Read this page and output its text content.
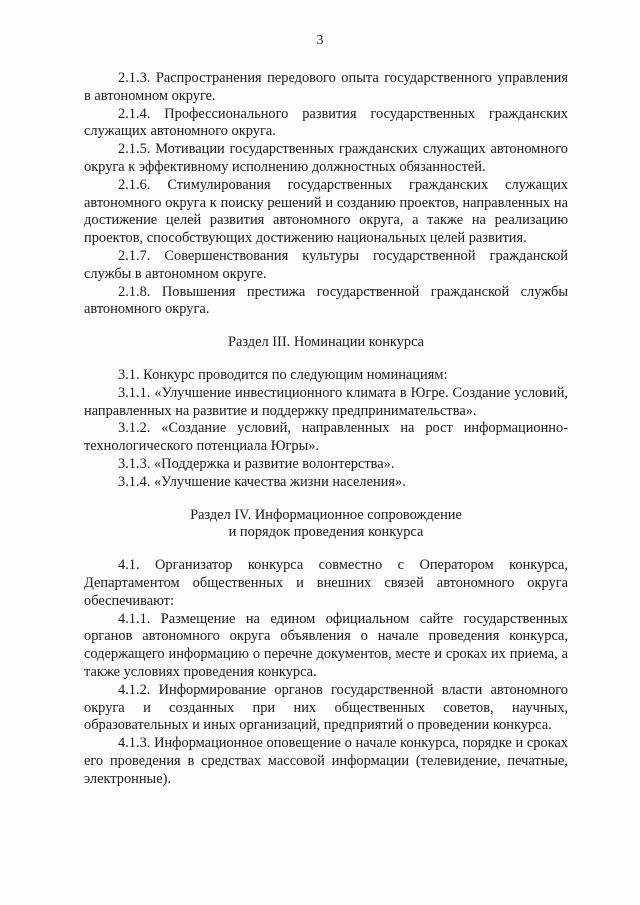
3

2.1.3. Распространения передового опыта государственного управления в автономном округе.

2.1.4. Профессионального развития государственных гражданских служащих автономного округа.

2.1.5. Мотивации государственных гражданских служащих автономного округа к эффективному исполнению должностных обязанностей.

2.1.6. Стимулирования государственных гражданских служащих автономного округа к поиску решений и созданию проектов, направленных на достижение целей развития автономного округа, а также на реализацию проектов, способствующих достижению национальных целей развития.

2.1.7. Совершенствования культуры государственной гражданской службы в автономном округе.

2.1.8. Повышения престижа государственной гражданской службы автономного округа.

Раздел III. Номинации конкурса

3.1. Конкурс проводится по следующим номинациям:

3.1.1. «Улучшение инвестиционного климата в Югре. Создание условий, направленных на развитие и поддержку предпринимательства».

3.1.2. «Создание условий, направленных на рост информационно-технологического потенциала Югры».

3.1.3. «Поддержка и развитие волонтерства».

3.1.4. «Улучшение качества жизни населения».

Раздел IV. Информационное сопровождение

и порядок проведения конкурса

4.1. Организатор конкурса совместно с Оператором конкурса, Департаментом общественных и внешних связей автономного округа обеспечивают:

4.1.1. Размещение на едином официальном сайте государственных органов автономного округа объявления о начале проведения конкурса, содержащего информацию о перечне документов, месте и сроках их приема, а также условиях проведения конкурса.

4.1.2. Информирование органов государственной власти автономного округа и созданных при них общественных советов, научных, образовательных и иных организаций, предприятий о проведении конкурса.

4.1.3. Информационное оповещение о начале конкурса, порядке и сроках его проведения в средствах массовой информации (телевидение, печатные, электронные).
